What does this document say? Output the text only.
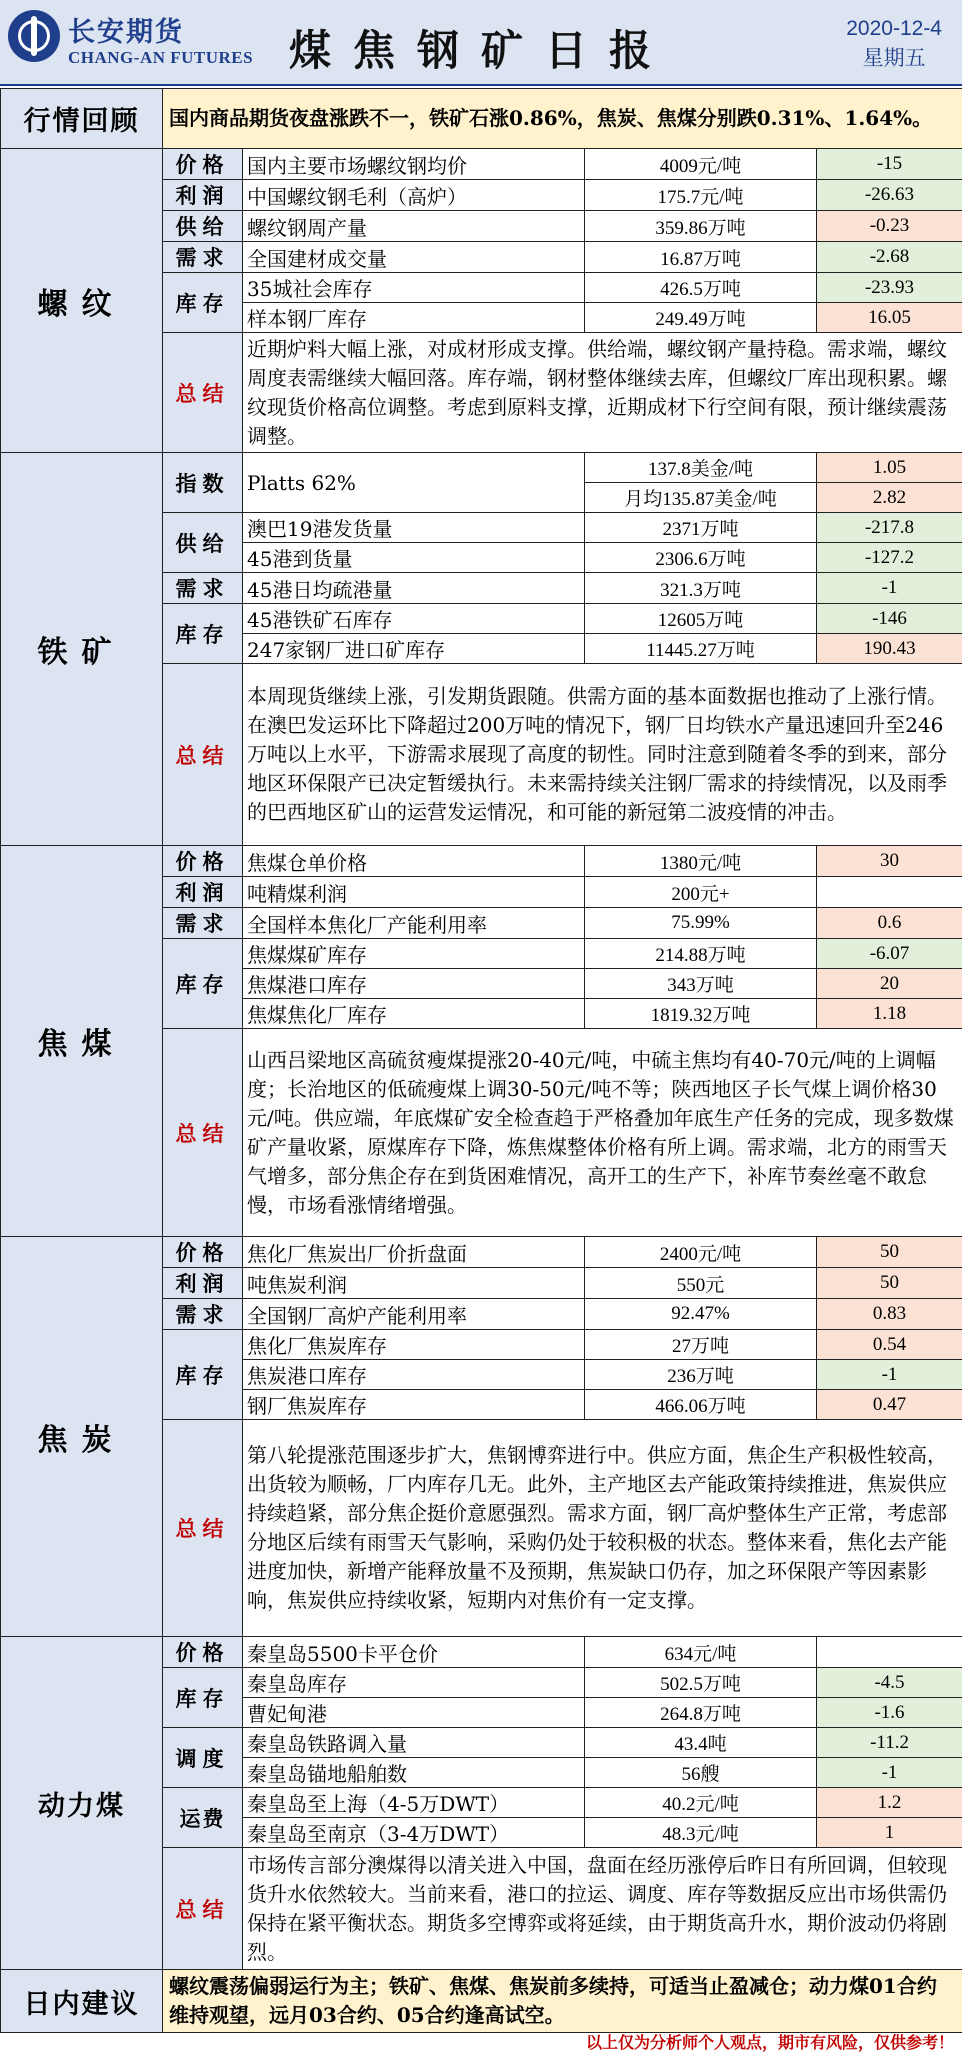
长安期货
CHANG-AN FUTURES 煤焦钢矿日报	2020-12-4
星期五
行情回顾	国内商品期货夜盘涨跌不一，铁矿石涨0.86%，焦炭、焦煤分别跌0.31%、1.64%。			
螺纹	价格	国内主要市场螺纹钢均价	4009元/吨	-15
	利润	中国螺纹钢毛利（高炉）	175.7元/吨	-26.63
	供给	螺纹钢周产量	359.86万吨	-0.23
	需求	全国建材成交量	16.87万吨	-2.68
	库存	35城社会库存	426.5万吨	-23.93
		样本钢厂库存	249.49万吨	16.05
	总结	近期炉料大幅上涨，对成材形成支撑。供给端，螺纹钢产量持稳。需求端，螺纹周度表需继续大幅回落。库存端，钢材整体继续去库，但螺纹厂库出现积累。螺纹现货价格高位调整。考虑到原料支撑，近期成材下行空间有限，预计继续震荡调整。		
铁矿	指数	Platts 62%	137.8美金/吨	1.05
			月均135.87美金/吨	2.82
	供给	澳巴19港发货量	2371万吨	-217.8
		45港到货量	2306.6万吨	-127.2
	需求	45港日均疏港量	321.3万吨	-1
	库存	45港铁矿石库存	12605万吨	-146
		247家钢厂进口矿库存	11445.27万吨	190.43
	总结	本周现货继续上涨，引发期货跟随。供需方面的基本面数据也推动了上涨行情。在澳巴发运环比下降超过200万吨的情况下，钢厂日均铁水产量迅速回升至246万吨以上水平，下游需求展现了高度的韧性。同时注意到随着冬季的到来，部分地区环保限产已决定暂缓执行。未来需持续关注钢厂需求的持续情况，以及雨季的巴西地区矿山的运营发运情况，和可能的新冠第二波疫情的冲击。		
焦煤	价格	焦煤仓单价格	1380元/吨	30
	利润	吨精煤利润	200元+	
	需求	全国样本焦化厂产能利用率	75.99%	0.6
	库存	焦煤煤矿库存	214.88万吨	-6.07
		焦煤港口库存	343万吨	20
		焦煤焦化厂库存	1819.32万吨	1.18
	总结	山西吕梁地区高硫贫瘦煤提涨20-40元/吨，中硫主焦均有40-70元/吨的上调幅度；长治地区的低硫瘦煤上调30-50元/吨不等；陕西地区子长气煤上调价格30元/吨。供应端，年底煤矿安全检查趋于严格叠加年底生产任务的完成，现多数煤矿产量收紧，原煤库存下降，炼焦煤整体价格有所上调。需求端，北方的雨雪天气增多，部分焦企存在到货困难情况，高开工的生产下，补库节奏丝毫不敢怠慢，市场看涨情绪增强。		
焦炭	价格	焦化厂焦炭出厂价折盘面	2400元/吨	50
	利润	吨焦炭利润	550元	50
	需求	全国钢厂高炉产能利用率	92.47%	0.83
	库存	焦化厂焦炭库存	27万吨	0.54
		焦炭港口库存	236万吨	-1
		钢厂焦炭库存	466.06万吨	0.47
	总结	第八轮提涨范围逐步扩大，焦钢博弈进行中。供应方面，焦企生产积极性较高，出货较为顺畅，厂内库存几无。此外，主产地区去产能政策持续推进，焦炭供应持续趋紧，部分焦企挺价意愿强烈。需求方面，钢厂高炉整体生产正常，考虑部分地区后续有雨雪天气影响，采购仍处于较积极的状态。整体来看，焦化去产能进度加快，新增产能释放量不及预期，焦炭缺口仍存，加之环保限产等因素影响，焦炭供应持续收紧，短期内对焦价有一定支撑。		
动力煤	价格	秦皇岛5500卡平仓价	634元/吨	
	库存	秦皇岛库存	502.5万吨	-4.5
		曹妃甸港	264.8万吨	-1.6
	调度	秦皇岛铁路调入量	43.4吨	-11.2
		秦皇岛锚地船舶数	56艘	-1
	运费	秦皇岛至上海（4-5万DWT）	40.2元/吨	1.2
		秦皇岛至南京（3-4万DWT）	48.3元/吨	1
	总结	市场传言部分澳煤得以清关进入中国，盘面在经历涨停后昨日有所回调，但较现货升水依然较大。当前来看，港口的拉运、调度、库存等数据反应出市场供需仍保持在紧平衡状态。期货多空博弈或将延续，由于期货高升水，期价波动仍将剧烈。		
日内建议	螺纹震荡偏弱运行为主；铁矿、焦煤、焦炭前多续持，可适当止盈减仓；动力煤01合约维持观望，远月03合约、05合约逢高试空。			
以上仅为分析师个人观点，期市有风险，仅供参考！
